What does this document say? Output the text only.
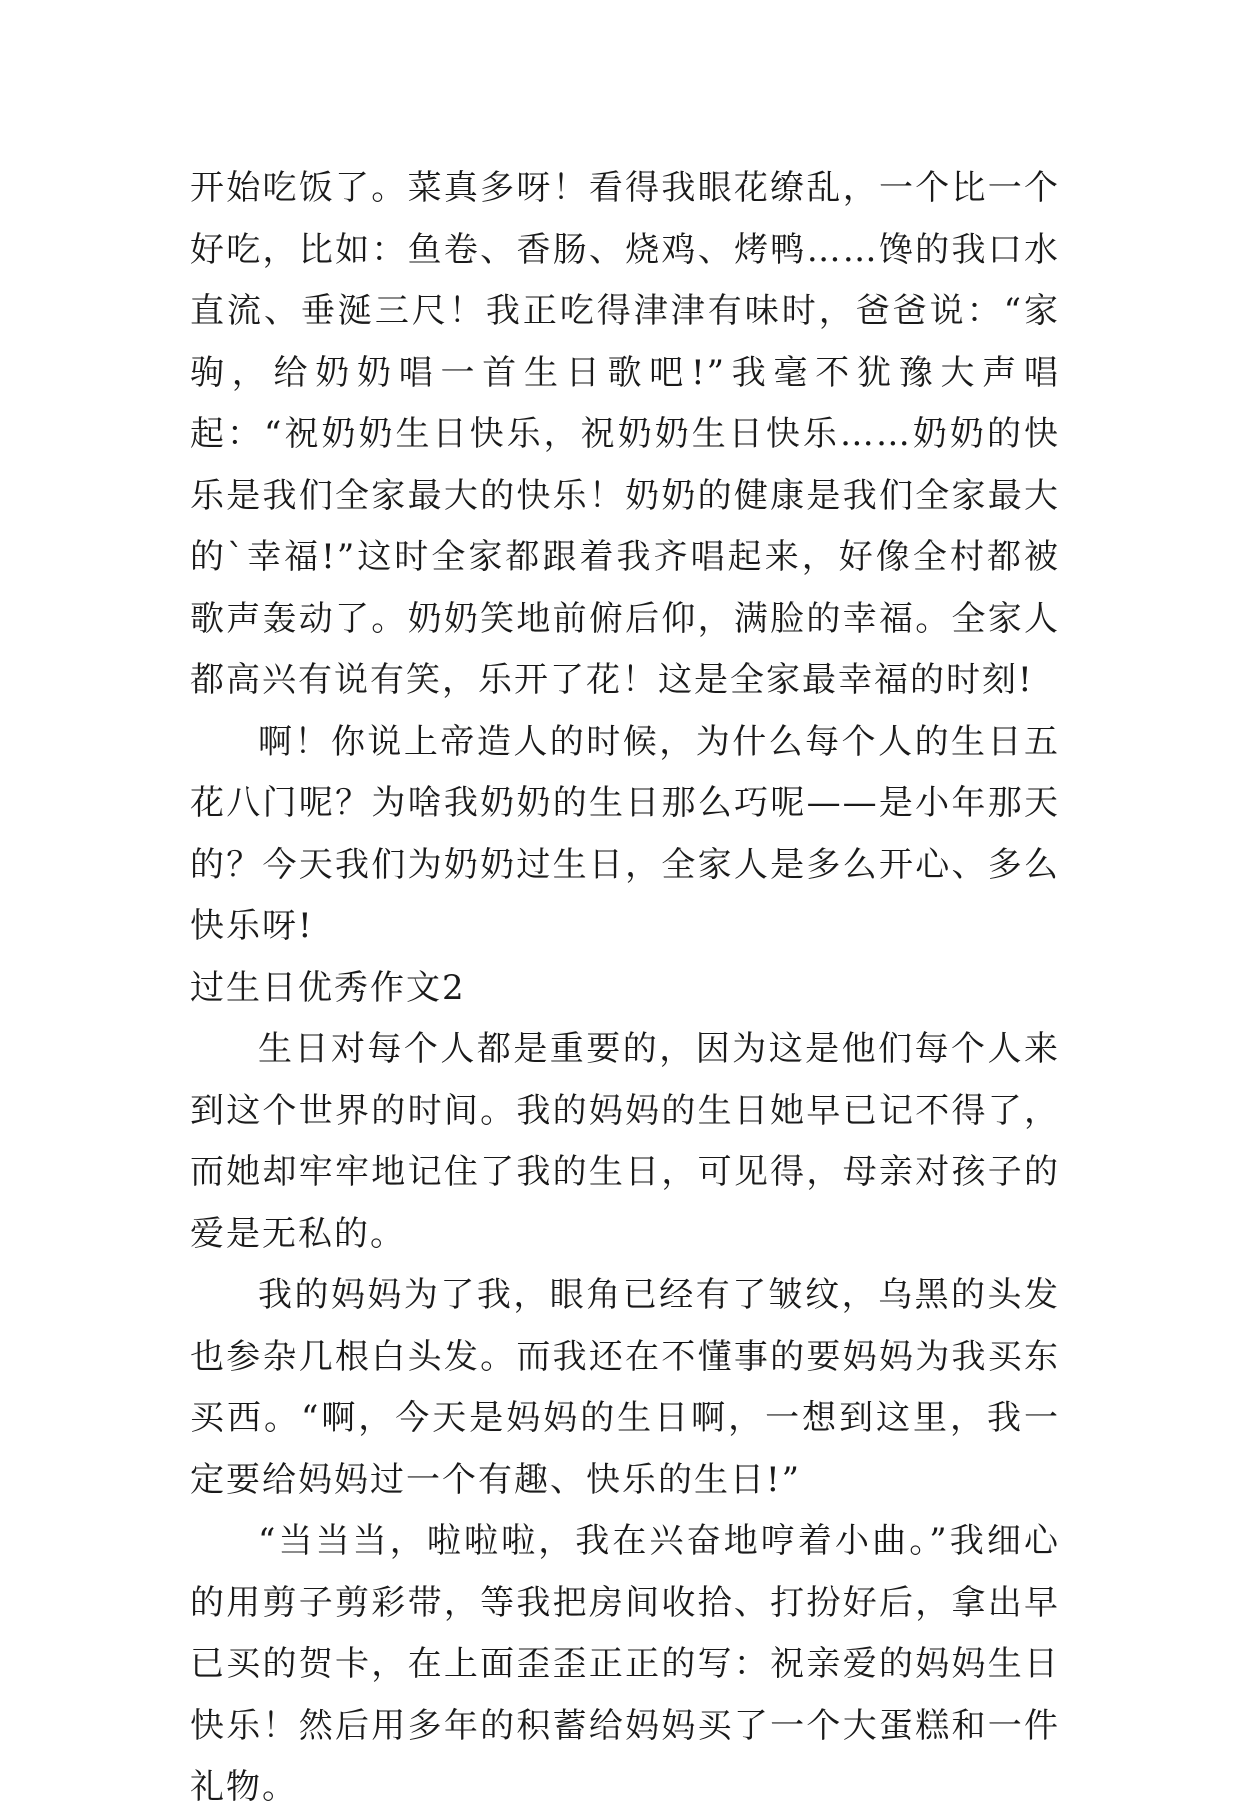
开始吃饭了。菜真多呀！看得我眼花缭乱，一个比一个好吃，比如：鱼卷、香肠、烧鸡、烤鸭……馋的我口水直流、垂涎三尺！我正吃得津津有味时，爸爸说：“家驹，给奶奶唱一首生日歌吧!”我毫不犹豫大声唱起：“祝奶奶生日快乐，祝奶奶生日快乐……奶奶的快乐是我们全家最大的快乐！奶奶的健康是我们全家最大的`幸福!”这时全家都跟着我齐唱起来，好像全村都被歌声轰动了。奶奶笑地前俯后仰，满脸的幸福。全家人都高兴有说有笑，乐开了花！这是全家最幸福的时刻!

啊！你说上帝造人的时候，为什么每个人的生日五花八门呢？为啥我奶奶的生日那么巧呢——是小年那天的？今天我们为奶奶过生日，全家人是多么开心、多么快乐呀!

过生日优秀作文2

生日对每个人都是重要的，因为这是他们每个人来到这个世界的时间。我的妈妈的生日她早已记不得了，而她却牢牢地记住了我的生日，可见得，母亲对孩子的爱是无私的。

我的妈妈为了我，眼角已经有了皱纹，乌黑的头发也参杂几根白头发。而我还在不懂事的要妈妈为我买东买西。“啊，今天是妈妈的生日啊，一想到这里，我一定要给妈妈过一个有趣、快乐的生日!”

“当当当，啦啦啦，我在兴奋地哼着小曲。”我细心的用剪子剪彩带，等我把房间收拾、打扮好后，拿出早已买的贺卡，在上面歪歪正正的写：祝亲爱的妈妈生日快乐！然后用多年的积蓄给妈妈买了一个大蛋糕和一件礼物。
